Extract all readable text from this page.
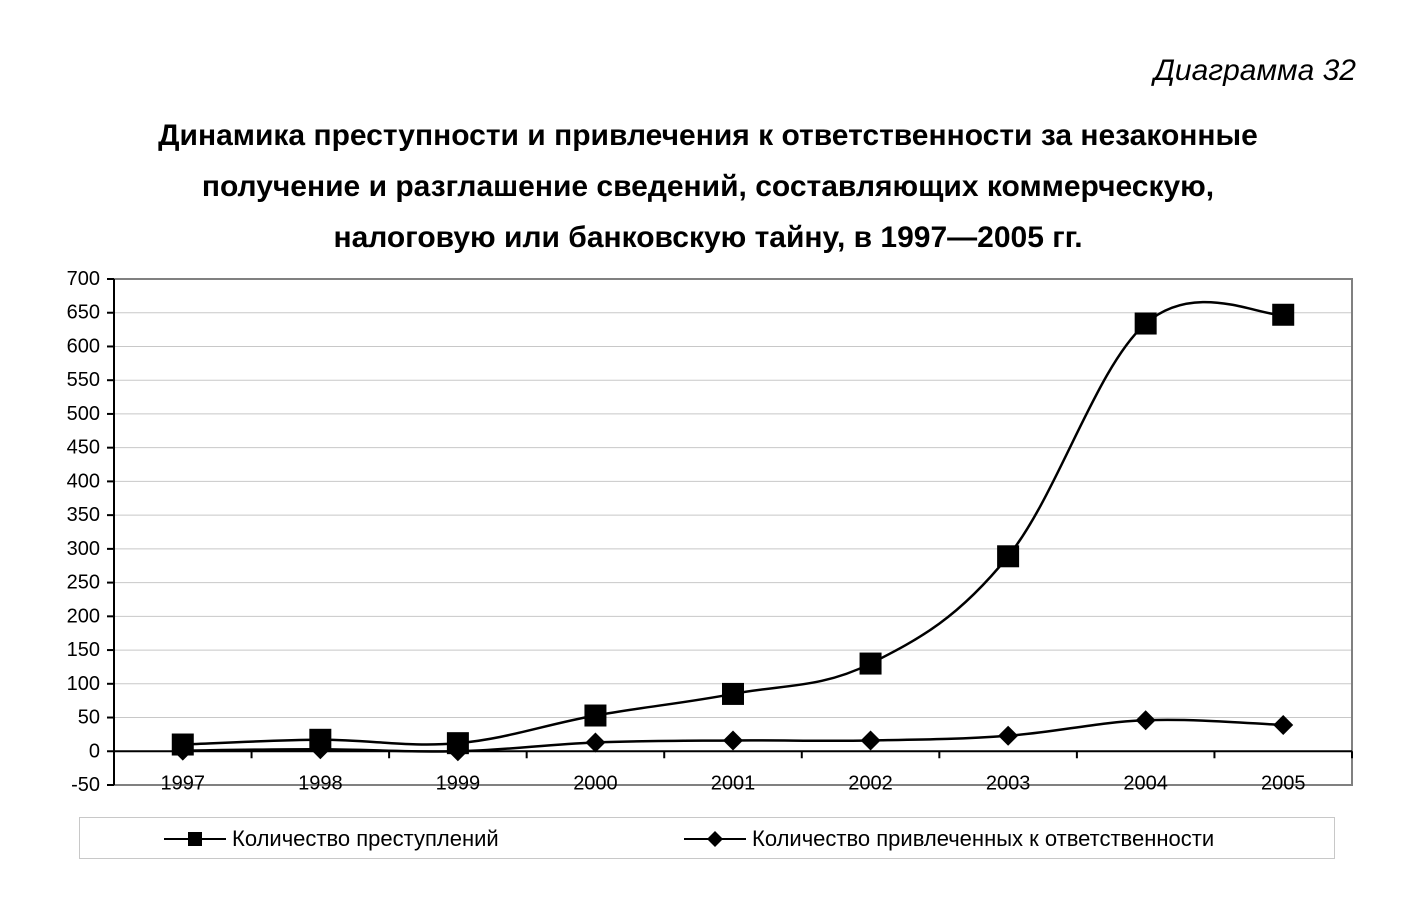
Диаграмма 32
Динамика преступности и привлечения к ответственности за незаконные
получение и разглашение сведений, составляющих коммерческую,
налоговую или банковскую тайну, в 1997—2005 гг.
700
650
600
550
500
450
400
350
300
250
200
150
100
50
0
-50	1997	1998	1999	2000	2001	2002	2003	2004	2005
Количество преступлений	Количество привлеченных к ответственности
